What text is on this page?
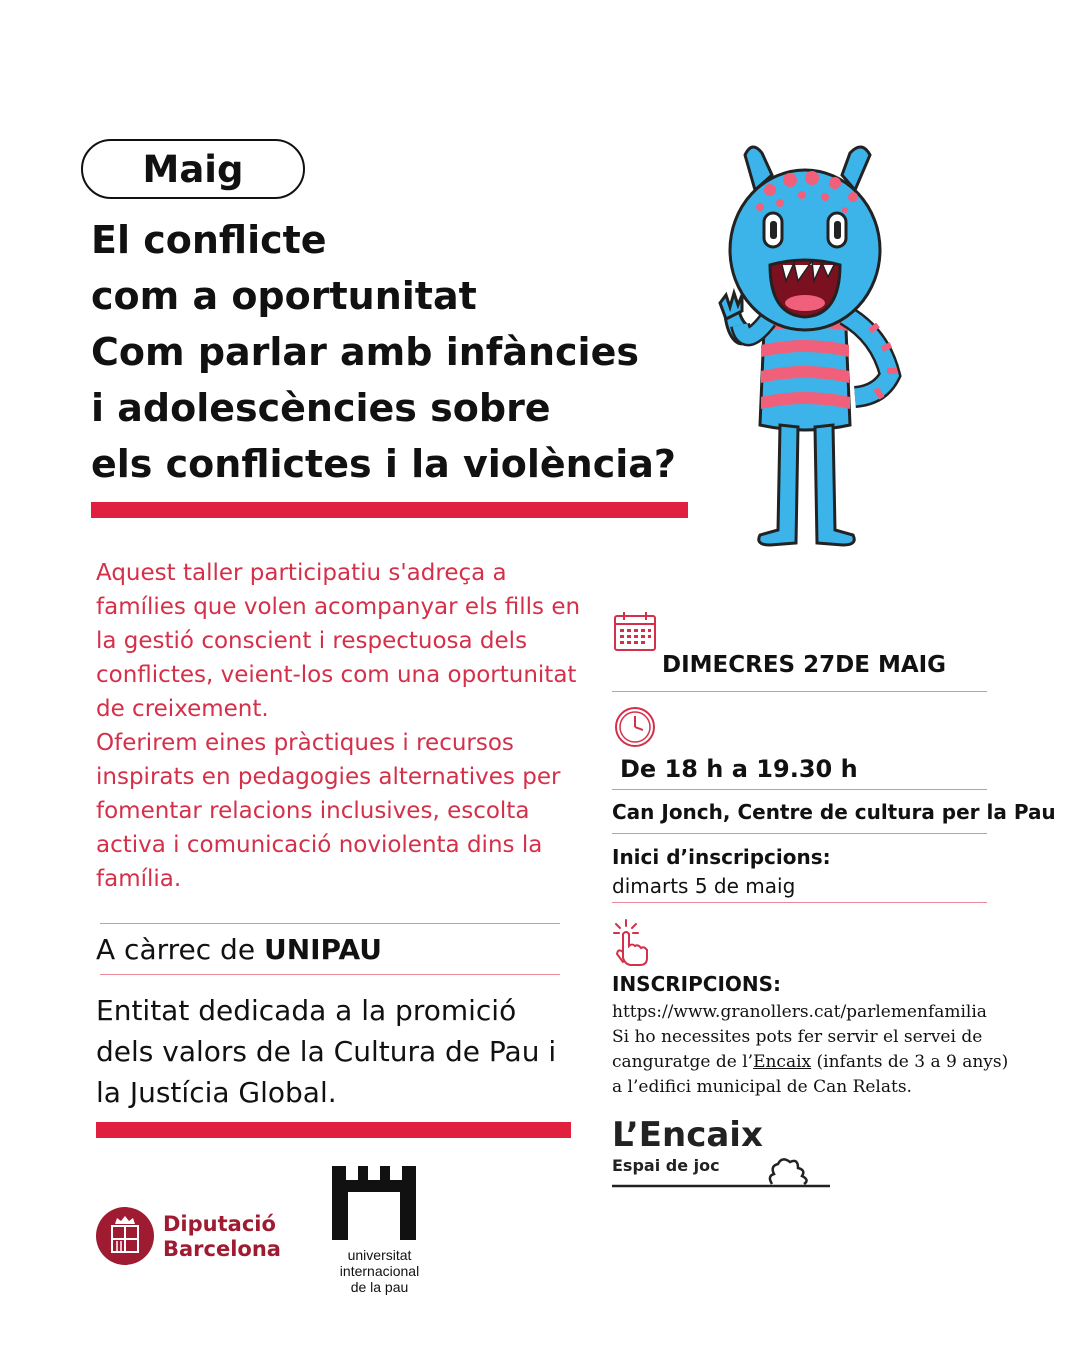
Maig
El conflicte
com a oportunitat
Com parlar amb infàncies
i adolescències sobre
els conflictes i la violència?

Aquest taller participatiu s'adreça a famílies que volen acompanyar els fills en la gestió conscient i respectuosa dels conflictes, veient-los com una oportunitat de creixement.

Oferirem eines pràctiques i recursos inspirats en pedagogies alternatives per fomentar relacions inclusives, escolta activa i comunicació noviolenta dins la família.

A càrrec de UNIPAU
Entitat dedicada a la promició dels valors de la Cultura de Pau i la Justícia Global.
DIMECRES 27DE MAIG
De 18 h a 19.30 h
Can Jonch, Centre de cultura per la Pau
Inici d’inscripcions:
dimarts 5 de maig
INSCRIPCIONS:
https://www.granollers.cat/parlemenfamilia
Si ho necessites pots fer servir el servei de
canguratge de l’Encaix (infants de 3 a 9 anys)
a l’edifici municipal de Can Relats.
L’Encaix
Espai de joc
Diputació
Barcelona	universitat
internacional
de la pau
